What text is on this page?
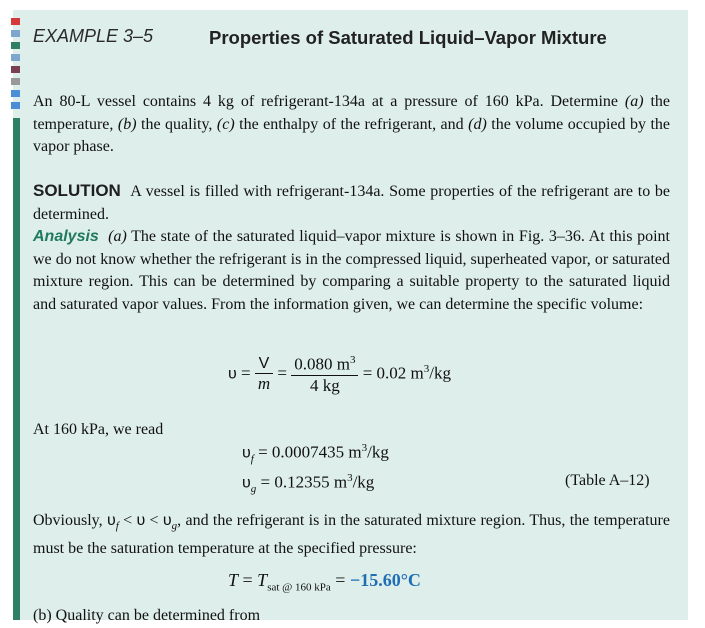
EXAMPLE 3–5	Properties of Saturated Liquid–Vapor Mixture

An 80-L vessel contains 4 kg of refrigerant-134a at a pressure of 160 kPa. Determine (a) the temperature, (b) the quality, (c) the enthalpy of the refrigerant, and (d) the volume occupied by the vapor phase.

SOLUTION A vessel is filled with refrigerant-134a. Some properties of the refrigerant are to be determined.
Analysis (a) The state of the saturated liquid–vapor mixture is shown in Fig. 3–36. At this point we do not know whether the refrigerant is in the compressed liquid, superheated vapor, or saturated mixture region. This can be determined by comparing a suitable property to the saturated liquid and saturated vapor values. From the information given, we can determine the specific volume:

$\upsilon = \frac{V}{m} = \frac{0.080 m^3}{4 kg} = 0.02$ $m^3/kg$
At 160 kPa, we read
$\upsilon_f = 0.0007435$ $m^3/kg$
$\upsilon_g = 0.12355$ $m^3/kg$	(Table A–12)

Obviously, $\upsilon_f < \upsilon < \upsilon_g$, and the refrigerant is in the saturated mixture region. Thus, the temperature must be the saturation temperature at the specified pressure:

$T = T_{sat @ 160 kPa} = -15.60^\circ C$
(b) Quality can be determined from
